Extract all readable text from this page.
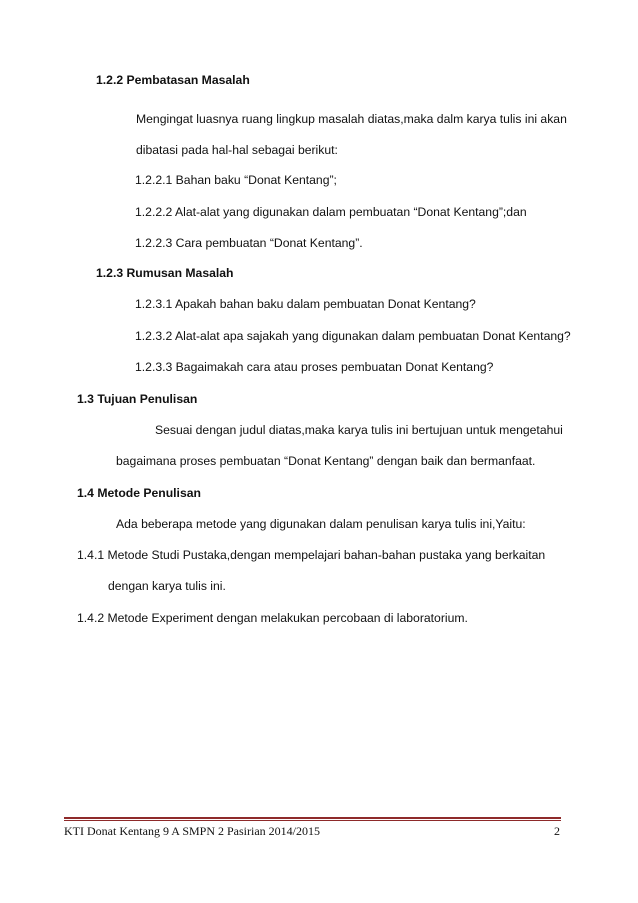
1.2.2 Pembatasan Masalah
Mengingat luasnya ruang lingkup masalah diatas,maka dalm karya tulis ini akan
dibatasi pada hal-hal sebagai berikut:
1.2.2.1 Bahan baku “Donat Kentang”;
1.2.2.2 Alat-alat yang digunakan dalam pembuatan “Donat Kentang”;dan
1.2.2.3 Cara pembuatan “Donat Kentang”.
1.2.3 Rumusan Masalah
1.2.3.1 Apakah bahan baku dalam pembuatan Donat Kentang?
1.2.3.2 Alat-alat apa sajakah yang digunakan dalam pembuatan Donat Kentang?
1.2.3.3 Bagaimakah cara atau proses pembuatan Donat Kentang?
1.3 Tujuan Penulisan
Sesuai dengan judul diatas,maka karya tulis ini bertujuan untuk mengetahui
bagaimana proses pembuatan “Donat Kentang” dengan baik dan bermanfaat.
1.4 Metode Penulisan
Ada beberapa metode yang digunakan dalam penulisan karya tulis ini,Yaitu:
1.4.1 Metode Studi Pustaka,dengan mempelajari bahan-bahan pustaka yang berkaitan
dengan karya tulis ini.
1.4.2 Metode Experiment dengan melakukan percobaan di laboratorium.
KTI Donat Kentang 9 A SMPN 2 Pasirian 2014/2015	2
